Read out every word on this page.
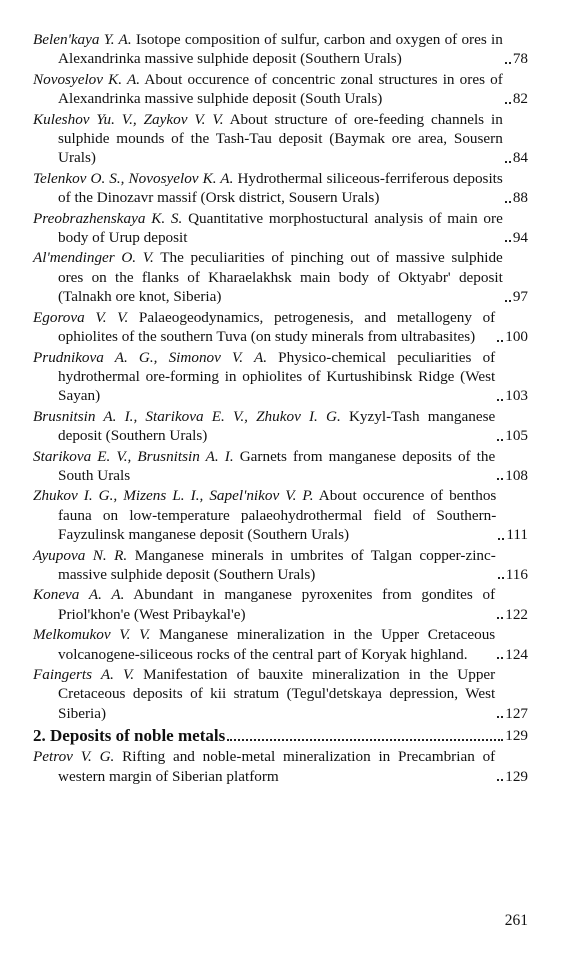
Belen'kaya Y. A. Isotope composition of sulfur, carbon and oxygen of ores in Alexandrinka massive sulphide deposit (Southern Urals)	78
Novosyelov K. A. About occurence of concentric zonal structures in ores of Alexandrinka massive sulphide deposit (South Urals)	82
Kuleshov Yu. V., Zaykov V. V. About structure of ore-feeding channels in sulphide mounds of the Tash-Tau deposit (Baymak ore area, Sousern Urals)	84
Telenkov O. S., Novosyelov K. A. Hydrothermal siliceous-ferriferous deposits of the Dinozavr massif (Orsk district, Sousern Urals)	88
Preobrazhenskaya K. S. Quantitative morphostuctural analysis of main ore body of Urup deposit	94
Al'mendinger O. V. The peculiarities of pinching out of massive sulphide ores on the flanks of Kharaelakhsk main body of Oktyabr' deposit (Talnakh ore knot, Siberia)	97
Egorova V. V. Palaeogeodynamics, petrogenesis, and metallogeny of ophiolites of the southern Tuva (on study minerals from ultrabasites)	100
Prudnikova A. G., Simonov V. A. Physico-chemical peculiarities of hydrothermal ore-forming in ophiolites of Kurtushibinsk Ridge (West Sayan)	103
Brusnitsin A. I., Starikova E. V., Zhukov I. G. Kyzyl-Tash manganese deposit (Southern Urals)	105
Starikova E. V., Brusnitsin A. I. Garnets from manganese deposits of the South Urals	108
Zhukov I. G., Mizens L. I., Sapel'nikov V. P. About occurence of benthos fauna on low-temperature palaeohydrothermal field of Southern-Fayzulinsk manganese deposit (Southern Urals)	111
Ayupova N. R. Manganese minerals in umbrites of Talgan copper-zinc-massive sulphide deposit (Southern Urals)	116
Koneva A. A. Abundant in manganese pyroxenites from gondites of Priol'khon'e (West Pribaykal'e)	122
Melkomukov V. V. Manganese mineralization in the Upper Cretaceous volcanogene-siliceous rocks of the central part of Koryak highland.	124
Faingerts A. V. Manifestation of bauxite mineralization in the Upper Cretaceous deposits of kii stratum (Tegul'detskaya depression, West Siberia)	127
2. Deposits of noble metals	129
Petrov V. G. Rifting and noble-metal mineralization in Precambrian of western margin of Siberian platform	129
261
